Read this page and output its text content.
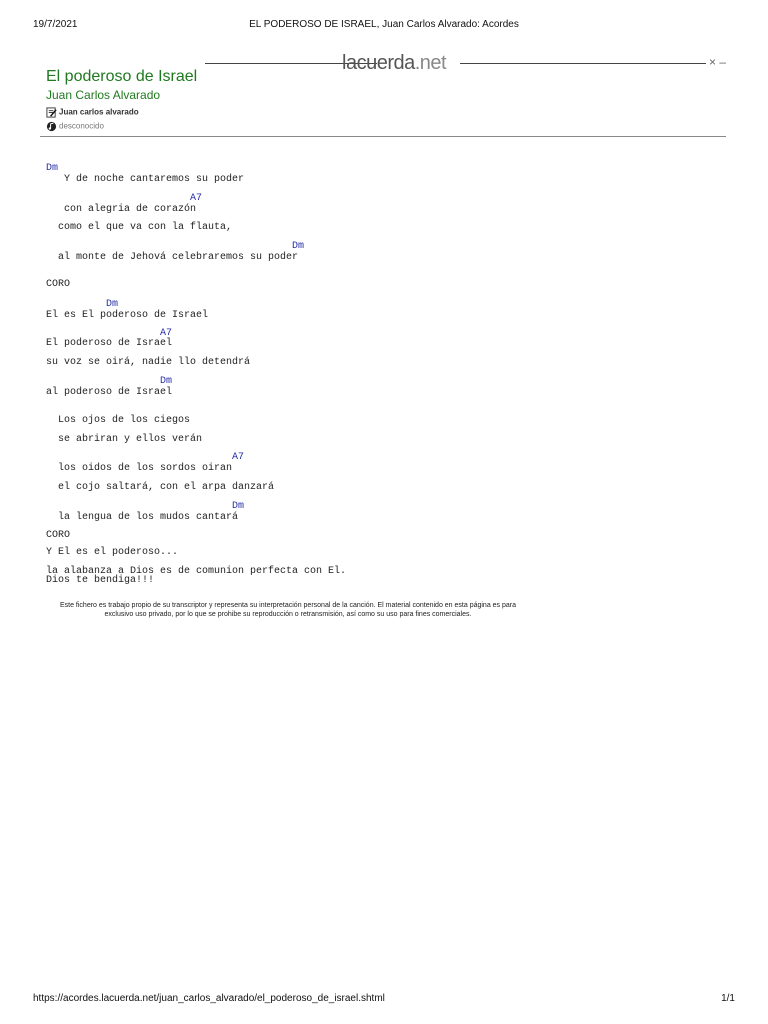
19/7/2021	EL PODEROSO DE ISRAEL, Juan Carlos Alvarado: Acordes
lacuerda.net	× –
El poderoso de Israel
Juan Carlos Alvarado
Juan carlos alvarado
desconocido
Dm
Y de noche cantaremos su poder
A7
con alegria de corazón
como el que va con la flauta,
Dm
al monte de Jehová celebraremos su poder
CORO
Dm
El es El poderoso de Israel
A7
El poderoso de Israel
su voz se oirá, nadie llo detendrá
Dm
al poderoso de Israel
Los ojos de los ciegos
se abriran y ellos verán
A7
los oidos de los sordos oiran
el cojo saltará, con el arpa danzará
Dm
la lengua de los mudos cantará
CORO
Y El es el poderoso...
la alabanza a Dios es de comunion perfecta con El.
Dios te bendiga!!!
Este fichero es trabajo propio de su transcriptor y representa su interpretación personal de la canción. El material contenido en esta página es para exclusivo uso privado, por lo que se prohibe su reproducción o retransmisión, así como su uso para fines comerciales.
https://acordes.lacuerda.net/juan_carlos_alvarado/el_poderoso_de_israel.shtml	1/1
